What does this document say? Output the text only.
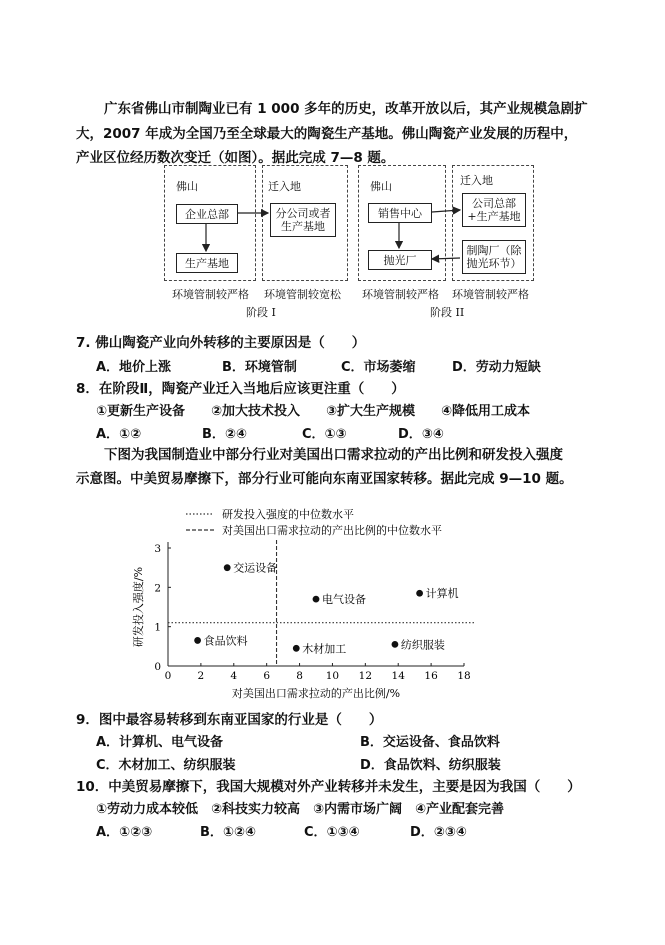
广东省佛山市制陶业已有 1 000 多年的历史，改革开放以后，其产业规模急剧扩
大，2007 年成为全国乃至全球最大的陶瓷生产基地。佛山陶瓷产业发展的历程中，
产业区位经历数次变迁（如图）。据此完成 7—8 题。
佛山	迁入地
企业总部
生产基地
分公司或者生产基地
环境管制较严格 环境管制较宽松
阶段 I
佛山	迁入地
销售中心
抛光厂
公司总部+生产基地
制陶厂（除抛光环节）
环境管制较严格 环境管制较严格
阶段 II
7. 佛山陶瓷产业向外转移的主要原因是（　　）
A．地价上涨	B．环境管制	C．市场萎缩	D．劳动力短缺
8．在阶段Ⅱ，陶瓷产业迁入当地后应该更注重（　　）
①更新生产设备　　②加大技术投入　　③扩大生产规模　　④降低用工成本
A．①②	B．②④	C．①③	D．③④
下图为我国制造业中部分行业对美国出口需求拉动的产出比例和研发投入强度
示意图。中美贸易摩擦下，部分行业可能向东南亚国家转移。据此完成 9—10 题。
研发投入强度的中位数水平
对美国出口需求拉动的产出比例的中位数水平
0 2 4 6 8 10 12 14 16 18
0
1
2
3
交运设备
电气设备	计算机
食品饮料
木材加工	纺织服装
对美国出口需求拉动的产出比例/%
研发投入强度/%
9．图中最容易转移到东南亚国家的行业是（　　）
A．计算机、电气设备	B．交运设备、食品饮料
C．木材加工、纺织服装	D．食品饮料、纺织服装
10．中美贸易摩擦下，我国大规模对外产业转移并未发生，主要是因为我国（　　）
①劳动力成本较低　②科技实力较高　③内需市场广阔　④产业配套完善
A．①②③	B．①②④	C．①③④	D．②③④
